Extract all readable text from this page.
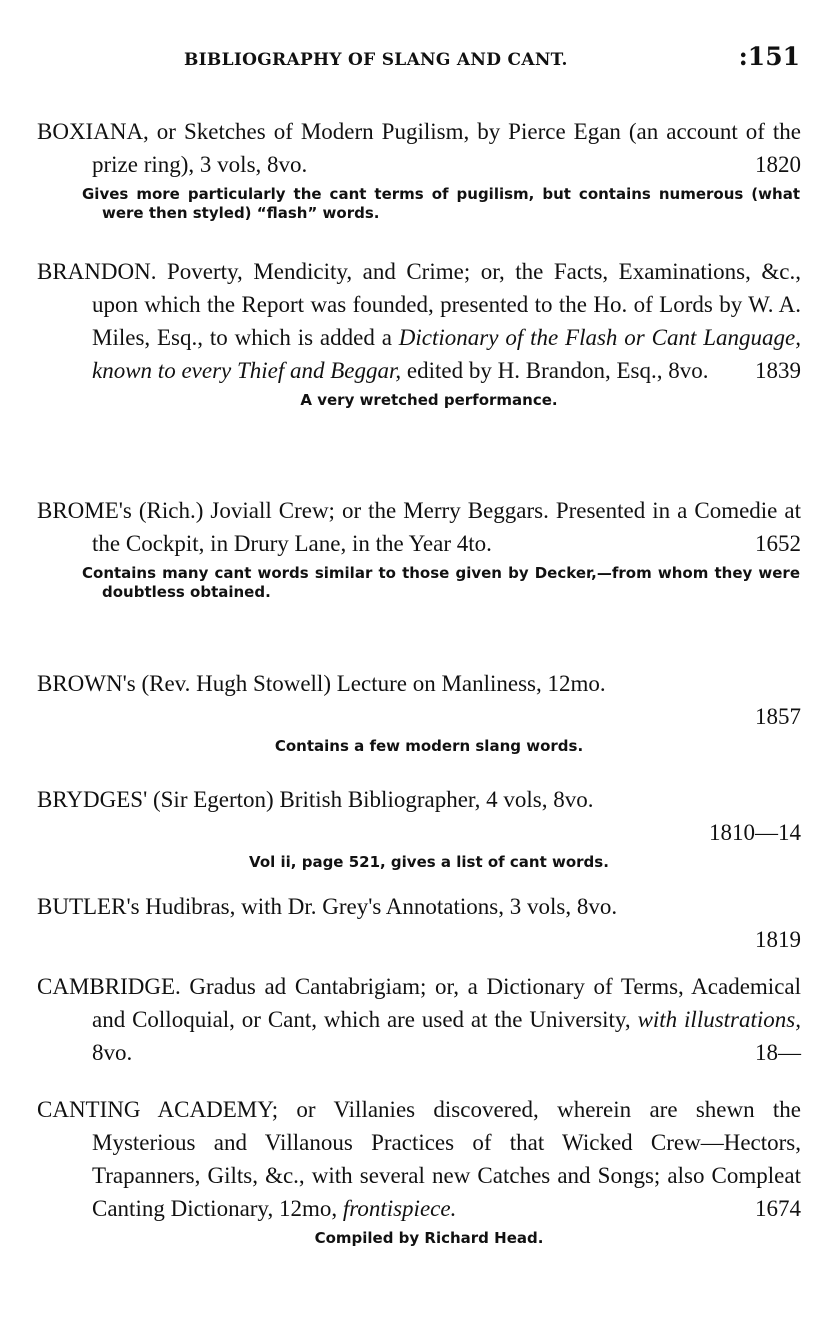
BIBLIOGRAPHY OF SLANG AND CANT.	:151
BOXIANA, or Sketches of Modern Pugilism, by Pierce Egan (an account of the prize ring), 3 vols, 8vo.	1820
Gives more particularly the cant terms of pugilism, but contains numerous (what were then styled) “flash” words.
BRANDON. Poverty, Mendicity, and Crime; or, the Facts, Examinations, &c., upon which the Report was founded, presented to the Ho. of Lords by W. A. Miles, Esq., to which is added a Dictionary of the Flash or Cant Language, known to every Thief and Beggar, edited by H. Brandon, Esq., 8vo. 1839
A very wretched performance.
BROME's (Rich.) Joviall Crew; or the Merry Beggars. Presented in a Comedie at the Cockpit, in Drury Lane, in the Year 4to.	1652
Contains many cant words similar to those given by Decker,—from whom they were doubtless obtained.
BROWN's (Rev. Hugh Stowell) Lecture on Manliness, 12mo.
1857
Contains a few modern slang words.
BRYDGES' (Sir Egerton) British Bibliographer, 4 vols, 8vo.
1810—14
Vol ii, page 521, gives a list of cant words.
BUTLER's Hudibras, with Dr. Grey's Annotations, 3 vols, 8vo.
1819
CAMBRIDGE. Gradus ad Cantabrigiam; or, a Dictionary of Terms, Academical and Colloquial, or Cant, which are used at the University, with illustrations, 8vo.	18—
CANTING ACADEMY; or Villanies discovered, wherein are shewn the Mysterious and Villanous Practices of that Wicked Crew—Hectors, Trapanners, Gilts, &c., with several new Catches and Songs; also Compleat Canting Dictionary, 12mo, frontispiece.	1674
Compiled by Richard Head.
